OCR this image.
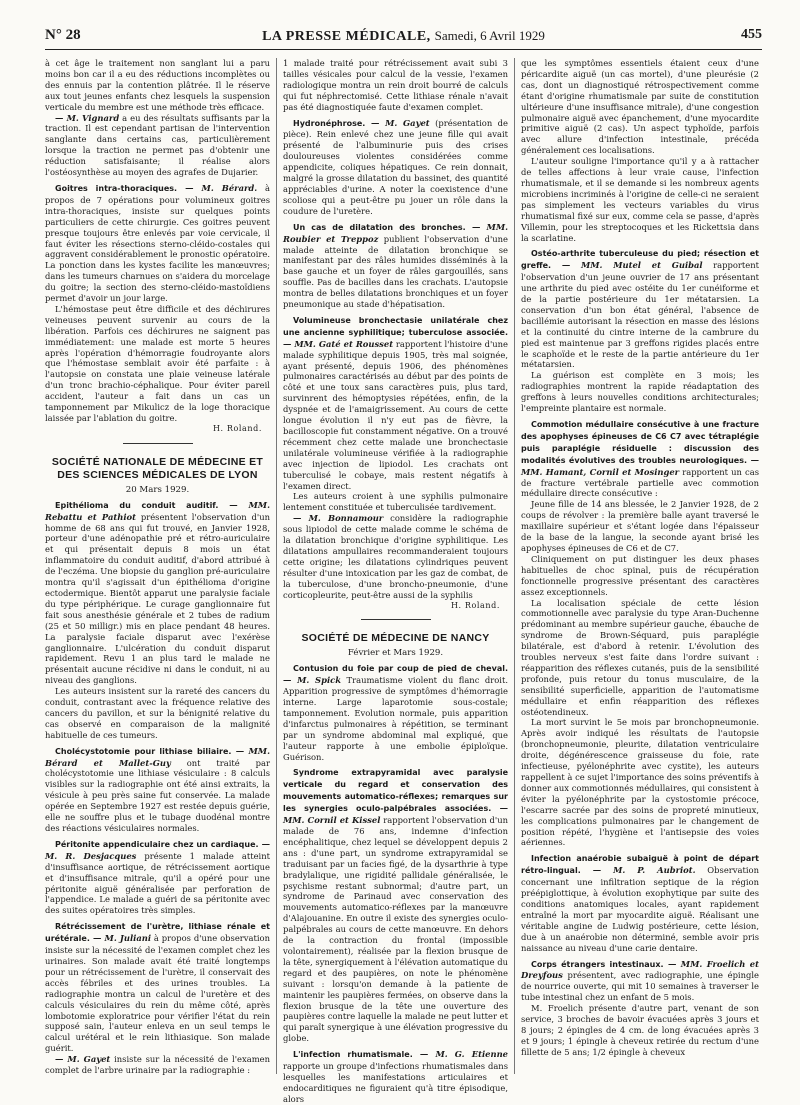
N° 28	LA PRESSE MÉDICALE, Samedi, 6 Avril 1929	455

à cet âge le traitement non sanglant lui a paru moins bon car il a eu des réductions incomplètes ou des ennuis par la contention plâtrée. Il le réserve aux tout jeunes enfants chez lesquels la suspension verticale du membre est une méthode très efficace.

— M. Vignard a eu des résultats suffisants par la traction. Il est cependant partisan de l'intervention sanglante dans certains cas, particulièrement lorsque la traction ne permet pas d'obtenir une réduction satisfaisante; il réalise alors l'ostéosynthèse au moyen des agrafes de Dujarier.

Goitres intra-thoraciques. — M. Bérard. à propos de 7 opérations pour volumineux goitres intra-thoraciques, insiste sur quelques points particuliers de cette chirurgie. Ces goitres peuvent presque toujours être enlevés par voie cervicale, il faut éviter les résections sterno-cléido-costales qui aggravent considérablement le pronostic opératoire. La ponction dans les kystes facilite les manœuvres; dans les tumeurs charnues on s'aidera du morcelage du goitre; la section des sterno-cléido-mastoïdiens permet d'avoir un jour large.

L'hémostase peut être difficile et des déchirures veineuses peuvent survenir au cours de la libération. Parfois ces déchirures ne saignent pas immédiatement: une malade est morte 5 heures après l'opération d'hémorragie foudroyante alors que l'hémostase semblait avoir été parfaite : à l'autopsie on constata une plaie veineuse latérale d'un tronc brachio-céphalique. Pour éviter pareil accident, l'auteur a fait dans un cas un tamponnement par Mikulicz de la loge thoracique laissée par l'ablation du goitre.

H. Roland.
SOCIÉTÉ NATIONALE DE MÉDECINE ET DES SCIENCES MÉDICALES DE LYON
20 Mars 1929.

Epithélioma du conduit auditif. — MM. Rebattu et Pathiot présentent l'observation d'un homme de 68 ans qui fut trouvé, en Janvier 1928, porteur d'une adénopathie pré et rétro-auriculaire et qui présentait depuis 8 mois un état inflammatoire du conduit auditif, d'abord attribué à de l'eczéma. Une biopsie du ganglion pré-auriculaire montra qu'il s'agissait d'un épithélioma d'origine ectodermique. Bientôt apparut une paralysie faciale du type périphérique. Le curage ganglionnaire fut fait sous anesthésie générale et 2 tubes de radium (25 et 50 milligr.) mis en place pendant 48 heures. La paralysie faciale disparut avec l'exérèse ganglionnaire. L'ulcération du conduit disparut rapidement. Revu 1 an plus tard le malade ne présentait aucune récidive ni dans le conduit, ni au niveau des ganglions.

Les auteurs insistent sur la rareté des cancers du conduit, contrastant avec la fréquence relative des cancers du pavillon, et sur la bénignité relative du cas observé en comparaison de la malignité habituelle de ces tumeurs.

Cholécystotomie pour lithiase biliaire. — MM. Bérard et Mallet-Guy ont traité par cholécystotomie une lithiase vésiculaire : 8 calculs visibles sur la radiographie ont été ainsi extraits, la vésicule à peu près saine fut conservée. La malade opérée en Septembre 1927 est restée depuis guérie, elle ne souffre plus et le tubage duodénal montre des réactions vésiculaires normales.

Péritonite appendiculaire chez un cardiaque. — M. R. Desjacques présente 1 malade atteint d'insuffisance aortique, de rétrécissement aortique et d'insuffisance mitrale, qu'il a opéré pour une péritonite aiguë généralisée par perforation de l'appendice. Le malade a guéri de sa péritonite avec des suites opératoires très simples.

Rétrécissement de l'urètre, lithiase rénale et urétérale. — M. Juliani à propos d'une observation insiste sur la nécessité de l'examen complet chez les urinaires. Son malade avait été traité longtemps pour un rétrécissement de l'urètre, il conservait des accès fébriles et des urines troubles. La radiographie montra un calcul de l'uretère et des calculs vésiculaires du rein du même côté, après lombotomie exploratrice pour vérifier l'état du rein supposé sain, l'auteur enleva en un seul temps le calcul urétéral et le rein lithiasique. Son malade guérit.

— M. Gayet insiste sur la nécessité de l'examen complet de l'arbre urinaire par la radiographie :

1 malade traité pour rétrécissement avait subi 3 tailles vésicales pour calcul de la vessie, l'examen radiologique montra un rein droit bourré de calculs qui fut néphrectomisé. Cette lithiase rénale n'avait pas été diagnostiquée faute d'examen complet.

Hydronéphrose. — M. Gayet (présentation de pièce). Rein enlevé chez une jeune fille qui avait présenté de l'albuminurie puis des crises douloureuses violentes considérées comme appendicite, coliques hépatiques. Ce rein donnait, malgré la grosse dilatation du bassinet, des quantité appréciables d'urine. A noter la coexistence d'une scoliose qui a peut-être pu jouer un rôle dans la coudure de l'uretère.

Un cas de dilatation des bronches. — MM. Roubier et Treppoz publient l'observation d'une malade atteinte de dilatation bronchique se manifestant par des râles humides disséminés à la base gauche et un foyer de râles gargouillés, sans souffle. Pas de bacilles dans les crachats. L'autopsie montra de belles dilatations bronchiques et un foyer pneumonique au stade d'hépatisation.

Volumineuse bronchectasie unilatérale chez une ancienne syphilitique; tuberculose associée. — MM. Gaté et Rousset rapportent l'histoire d'une malade syphilitique depuis 1905, très mal soignée, ayant présenté, depuis 1906, des phénomènes pulmonaires caractérisés au début par des points de côté et une toux sans caractères puis, plus tard, survinrent des hémoptysies répétées, enfin, de la dyspnée et de l'amaigrissement. Au cours de cette longue évolution il n'y eut pas de fièvre, la bacilloscopie fut constamment négative. On a trouvé récemment chez cette malade une bronchectasie unilatérale volumineuse vérifiée à la radiographie avec injection de lipiodol. Les crachats ont tuberculisé le cobaye, mais restent négatifs à l'examen direct.

Les auteurs croient à une syphilis pulmonaire lentement constituée et tuberculisée tardivement.

— M. Bonnamour considère la radiographie sous lipiodol de cette malade comme le schéma de la dilatation bronchique d'origine syphilitique. Les dilatations ampullaires recommanderaient toujours cette origine; les dilatations cylindriques peuvent résulter d'une intoxication par les gaz de combat, de la tuberculose, d'une broncho-pneumonie, d'une corticopleurite, peut-être aussi de la syphilis

H. Roland.
SOCIÉTÉ DE MÉDECINE DE NANCY
Février et Mars 1929.

Contusion du foie par coup de pied de cheval. — M. Spick Traumatisme violent du flanc droit. Apparition progressive de symptômes d'hémorragie interne. Large laparotomie sous-costale; tamponnement. Evolution normale, puis apparition d'infarctus pulmonaires à répétition, se terminant par un syndrome abdominal mal expliqué, que l'auteur rapporte à une embolie épiploïque. Guérison.

Syndrome extrapyramidal avec paralysie verticale du regard et conservation des mouvements automatico-réflexes; remarques sur les synergies oculo-palpébrales associées. — MM. Cornil et Kissel rapportent l'observation d'un malade de 76 ans, indemne d'infection encéphalitique, chez lequel se développent depuis 2 ans : d'une part, un syndrome extrapyramidal se traduisant par un facies figé, de la dysarthrie à type bradylalique, une rigidité pallidale généralisée, le psychisme restant subnormal; d'autre part, un syndrome de Parinaud avec conservation des mouvements automatico-réflexes par la manœuvre d'Alajouanine. En outre il existe des synergies oculo-palpébrales au cours de cette manœuvre. En dehors de la contraction du frontal (impossible volontairement), réalisée par la flexion brusque de la tête, synergiquement à l'élévation automatique du regard et des paupières, on note le phénomène suivant : lorsqu'on demande à la patiente de maintenir les paupières fermées, on observe dans la flexion brusque de la tête une ouverture des paupières contre laquelle la malade ne peut lutter et qui paraît synergique à une élévation progressive du globe.

L'infection rhumatismale. — M. G. Etienne rapporte un groupe d'infections rhumatismales dans lesquelles les manifestations articulaires et endocarditiques ne figuraient qu'à titre épisodique, alors

que les symptômes essentiels étaient ceux d'une péricardite aiguë (un cas mortel), d'une pleurésie (2 cas, dont un diagnostiqué rétrospectivement comme étant d'origine rhumatismale par suite de constitution ultérieure d'une insuffisance mitrale), d'une congestion pulmonaire aiguë avec épanchement, d'une myocardite primitive aiguë (2 cas). Un aspect typhoïde, parfois avec allure d'infection intestinale, précéda généralement ces localisations.

L'auteur souligne l'importance qu'il y a à rattacher de telles affections à leur vraie cause, l'infection rhumatismale, et il se demande si les nombreux agents microbiens incriminés à l'origine de celle-ci ne seraient pas simplement les vecteurs variables du virus rhumatismal fixé sur eux, comme cela se passe, d'après Villemin, pour les streptocoques et les Rickettsia dans la scarlatine.

Ostéo-arthrite tuberculeuse du pied; résection et greffe. — MM. Mutel et Guibal rapportent l'observation d'un jeune ouvrier de 17 ans présentant une arthrite du pied avec ostéite du 1er cunéiforme et de la partie postérieure du 1er métatarsien. La conservation d'un bon état général, l'absence de bacillémie autorisant la résection en masse des lésions et la continuité du cintre interne de la cambrure du pied est maintenue par 3 greffons rigides placés entre le scaphoïde et le reste de la partie antérieure du 1er métatarsien.

La guérison est complète en 3 mois; les radiographies montrent la rapide réadaptation des greffons à leurs nouvelles conditions architecturales; l'empreinte plantaire est normale.

Commotion médullaire consécutive à une fracture des apophyses épineuses de C6 C7 avec tétraplégie puis paraplégie résiduelle : discussion des modalités évolutives des troubles neurologiques. — MM. Hamant, Cornil et Mosinger rapportent un cas de fracture vertébrale partielle avec commotion médullaire directe consécutive :

Jeune fille de 14 ans blessée, le 2 Janvier 1928, de 2 coups de révolver : la première balle ayant traversé le maxillaire supérieur et s'étant logée dans l'épaisseur de la base de la langue, la seconde ayant brisé les apophyses épineuses de C6 et de C7.

Cliniquement on put distinguer les deux phases habituelles de choc spinal, puis de récupération fonctionnelle progressive présentant des caractères assez exceptionnels.

La localisation spéciale de cette lésion commotionnelle avec paralysie du type Aran-Duchenne prédominant au membre supérieur gauche, ébauche de syndrome de Brown-Séquard, puis paraplégie bilatérale, est d'abord à retenir. L'évolution des troubles nerveux s'est faite dans l'ordre suivant : réapparition des réflexes cutanés, puis de la sensibilité profonde, puis retour du tonus musculaire, de la sensibilité superficielle, apparition de l'automatisme médullaire et enfin réapparition des réflexes ostéotendineux.

La mort survint le 5e mois par bronchopneumonie. Après avoir indiqué les résultats de l'autopsie (bronchopneumonie, pleurite, dilatation ventriculaire droite, dégénérescence graisseuse du foie, rate infectieuse, pyélonéphrite avec cystite), les auteurs rappellent à ce sujet l'importance des soins préventifs à donner aux commotionnés médullaires, qui consistent à éviter la pyélonéphrite par la cystostomie précoce, l'escarre sacrée par des soins de propreté minutieux, les complications pulmonaires par le changement de position répété, l'hygiène et l'antisepsie des voies aériennes.

Infection anaérobie subaiguë à point de départ rétro-lingual. — M. P. Aubriot. Observation concernant une infiltration septique de la région préépiglottique, à évolution exophytique par suite des conditions anatomiques locales, ayant rapidement entraîné la mort par myocardite aiguë. Réalisant une véritable angine de Ludwig postérieure, cette lésion, due à un anaérobie non déterminé, semble avoir pris naissance au niveau d'une carie dentaire.

Corps étrangers intestinaux. — MM. Froelich et Dreyfous présentent, avec radiographie, une épingle de nourrice ouverte, qui mit 10 semaines à traverser le tube intestinal chez un enfant de 5 mois.

M. Froelich présente d'autre part, venant de son service, 3 broches de bavoir évacuées après 3 jours et 8 jours; 2 épingles de 4 cm. de long évacuées après 3 et 9 jours; 1 épingle à cheveux retirée du rectum d'une fillette de 5 ans; 1/2 épingle à cheveux
